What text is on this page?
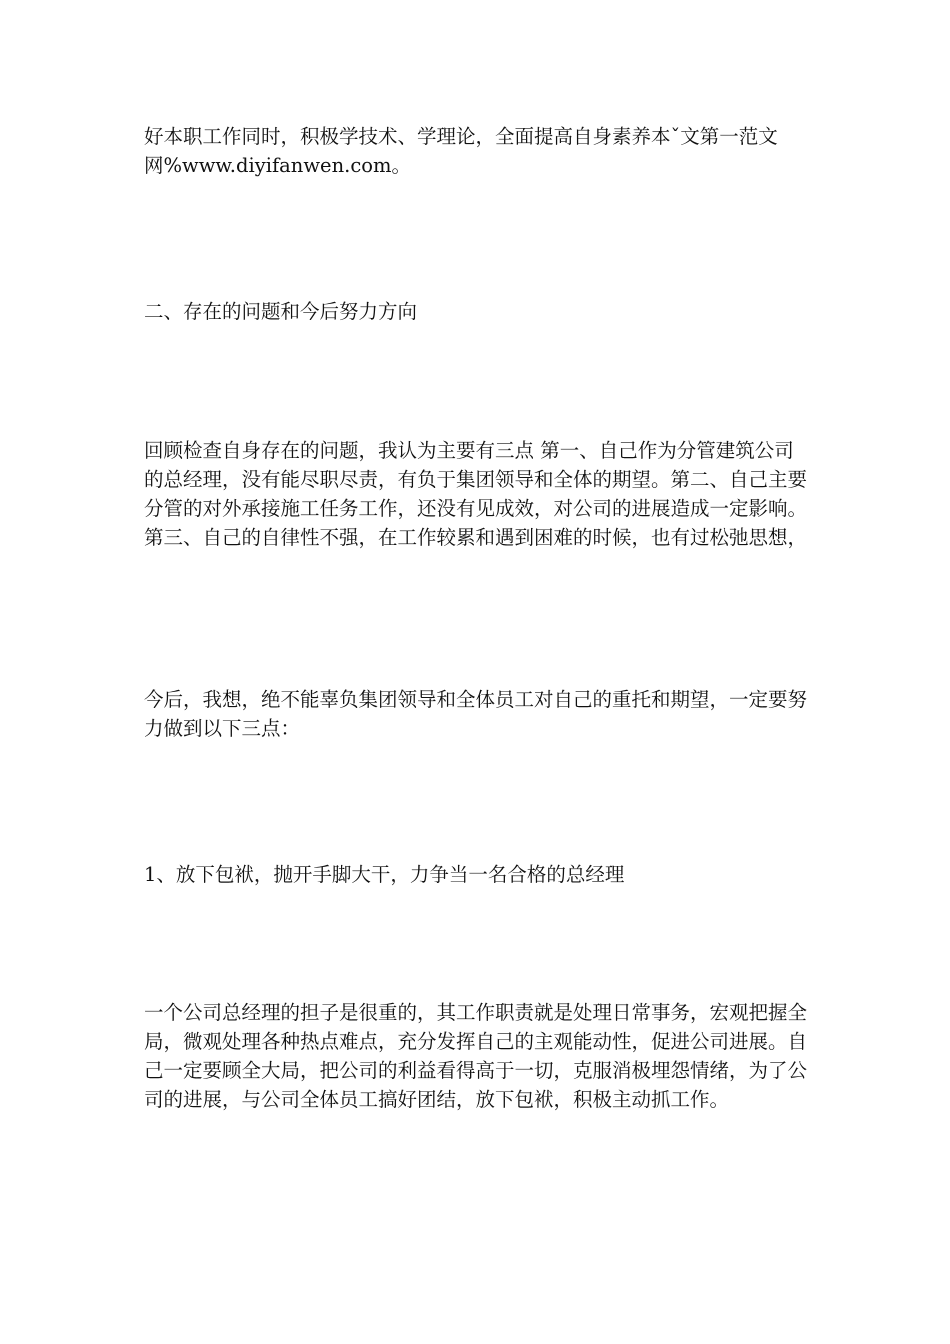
好本职工作同时，积极学技术、学理论，全面提高自身素养本ˇ文第一范文
网%www.diyifanwen.com。

二、存在的问题和今后努力方向

回顾检查自身存在的问题，我认为主要有三点 第一、自己作为分管建筑公司
的总经理，没有能尽职尽责，有负于集团领导和全体的期望。第二、自己主要
分管的对外承接施工任务工作，还没有见成效，对公司的进展造成一定影响。
第三、自己的自律性不强，在工作较累和遇到困难的时候，也有过松弛思想，

今后，我想，绝不能辜负集团领导和全体员工对自己的重托和期望，一定要努
力做到以下三点：

1、放下包袱，抛开手脚大干，力争当一名合格的总经理

一个公司总经理的担子是很重的，其工作职责就是处理日常事务，宏观把握全
局，微观处理各种热点难点，充分发挥自己的主观能动性，促进公司进展。自
己一定要顾全大局，把公司的利益看得高于一切，克服消极埋怨情绪，为了公
司的进展，与公司全体员工搞好团结，放下包袱，积极主动抓工作。
